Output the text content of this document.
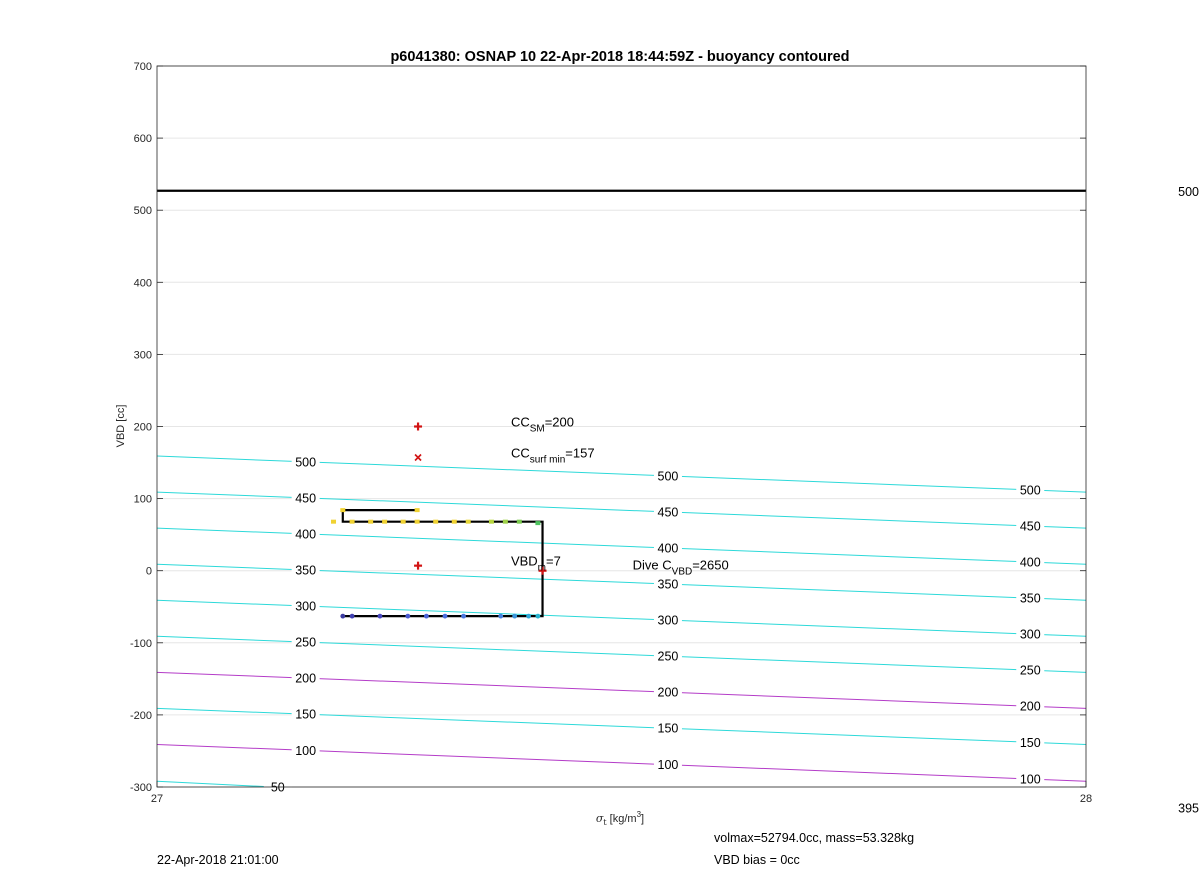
p6041380: OSNAP 10 22-Apr-2018 18:44:59Z - buoyancy contoured
50
100
100
100
150
150
150
200
200
200
250
250
250
300
300
300
350
350
350
400
400
400
450
450
450
500
500
500
$CC_{SM}=200$
$CC_{surf min}=157$
$VBD_m=7$	Dive $C_{VBD}=2650$
700
600
500
400
300
200
100
0
-100
-200
-300
27	28
VBD [cc]
$\sigma_t$ $[kg/m^3]$
500
395
22-Apr-2018 21:01:00
volmax=52794.0cc, mass=53.328kg
VBD bias = 0cc
